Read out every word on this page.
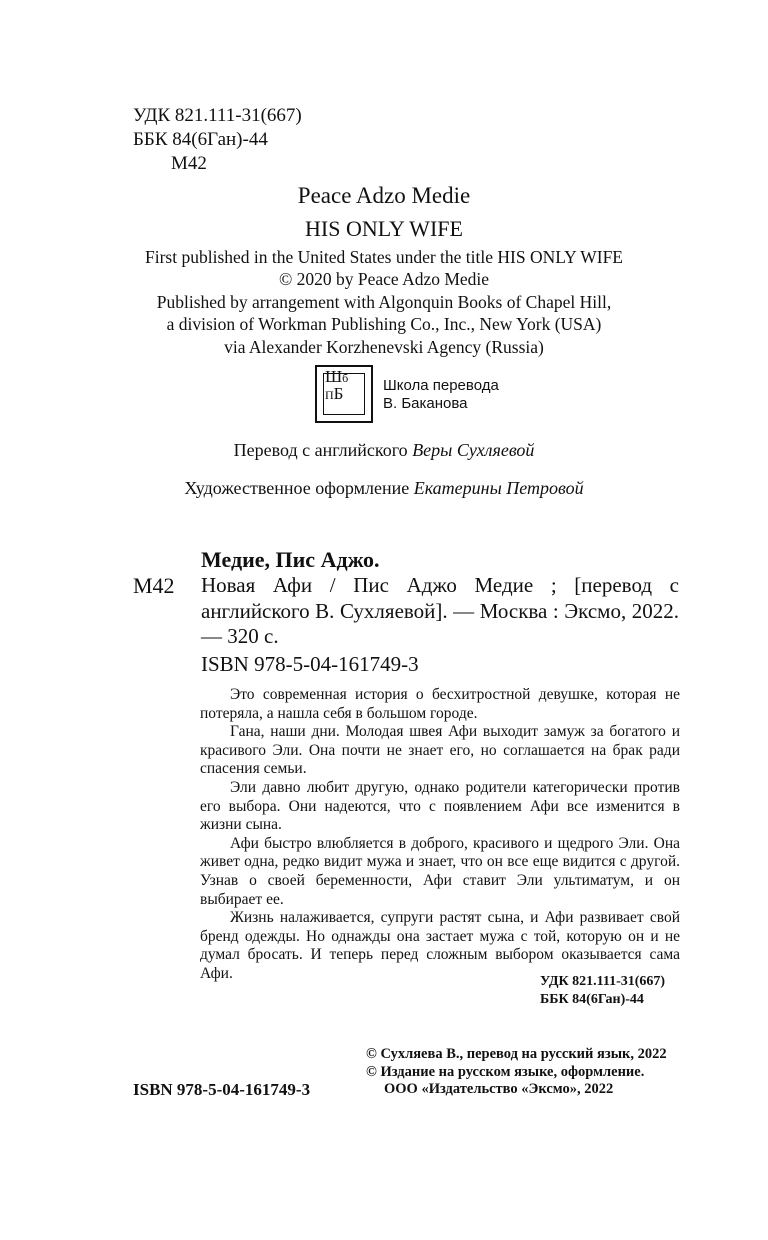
УДК 821.111-31(667)
ББК 84(6Ган)-44
М42
Peace Adzo Medie
HIS ONLY WIFE
First published in the United States under the title HIS ONLY WIFE
© 2020 by Peace Adzo Medie
Published by arrangement with Algonquin Books of Chapel Hill,
a division of Workman Publishing Co., Inc., New York (USA)
via Alexander Korzhenevski Agency (Russia)
Шб
ПБ	Школа перевода
В. Баканова
Перевод с английского Веры Сухляевой
Художественное оформление Екатерины Петровой
Медие, Пис Аджо.
М42 Новая Афи / Пис Аджо Медие ; [перевод с английского В. Сухляевой]. — Москва : Эксмо, 2022. — 320 с.
ISBN 978-5-04-161749-3

Это современная история о бесхитростной девушке, которая не потеряла, а нашла себя в большом городе.

Гана, наши дни. Молодая швея Афи выходит замуж за богатого и красивого Эли. Она почти не знает его, но соглашается на брак ради спасения семьи.

Эли давно любит другую, однако родители категорически против его выбора. Они надеются, что с появлением Афи все изменится в жизни сына.

Афи быстро влюбляется в доброго, красивого и щедрого Эли. Она живет одна, редко видит мужа и знает, что он все еще видится с другой. Узнав о своей беременности, Афи ставит Эли ультиматум, и он выбирает ее.

Жизнь налаживается, супруги растят сына, и Афи развивает свой бренд одежды. Но однажды она застает мужа с той, которую он и не думал бросать. И теперь перед сложным выбором оказывается сама Афи.	УДК 821.111-31(667)
ББК 84(6Ган)-44
© Сухляева В., перевод на русский язык, 2022
© Издание на русском языке, оформление.
ООО «Издательство «Эксмо», 2022
ISBN 978-5-04-161749-3
